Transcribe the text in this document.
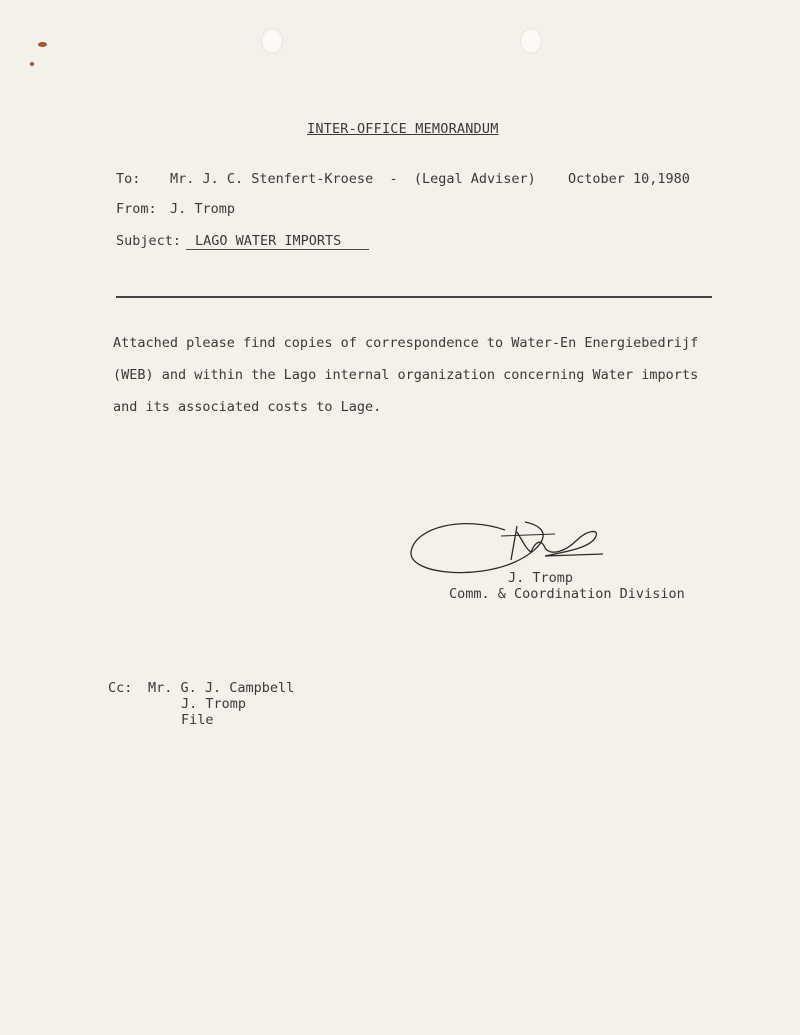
INTER-OFFICE MEMORANDUM
To: Mr. J. C. Stenfert-Kroese  -  (Legal Adviser) October 10,1980
From: J. Tromp
Subject: LAGO WATER IMPORTS
Attached please find copies of correspondence to Water-En Energiebedrijf (WEB) and within the Lago internal organization concerning Water imports and its associated costs to Lage.
J. Tromp
Comm. & Coordination Division
Cc: Mr. G. J. Campbell
J. Tromp
File
